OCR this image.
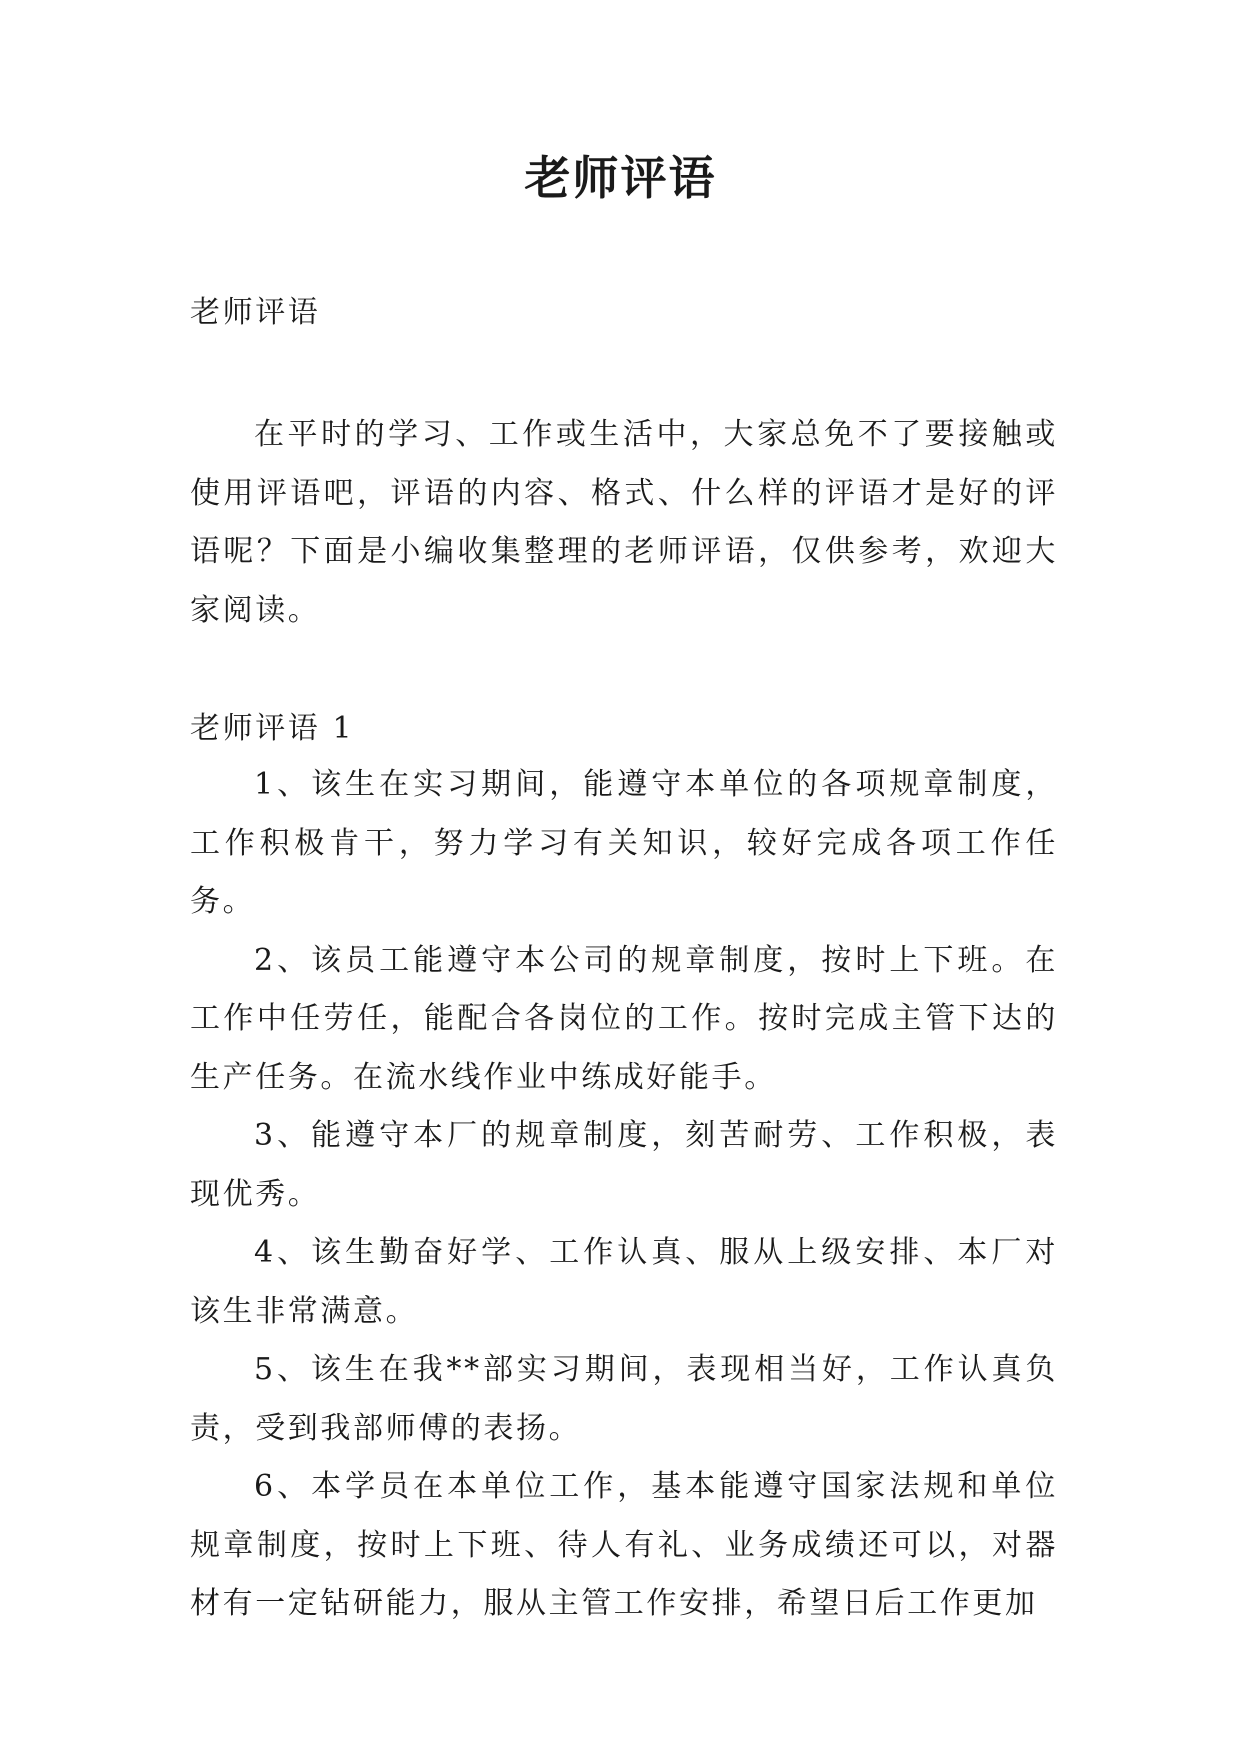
老师评语

老师评语

在平时的学习、工作或生活中，大家总免不了要接触或使用评语吧，评语的内容、格式、什么样的评语才是好的评语呢？下面是小编收集整理的老师评语，仅供参考，欢迎大家阅读。

老师评语 1

1、该生在实习期间，能遵守本单位的各项规章制度，工作积极肯干，努力学习有关知识，较好完成各项工作任务。

2、该员工能遵守本公司的规章制度，按时上下班。在工作中任劳任，能配合各岗位的工作。按时完成主管下达的生产任务。在流水线作业中练成好能手。

3、能遵守本厂的规章制度，刻苦耐劳、工作积极，表现优秀。

4、该生勤奋好学、工作认真、服从上级安排、本厂对该生非常满意。

5、该生在我**部实习期间，表现相当好，工作认真负责，受到我部师傅的表扬。

6、本学员在本单位工作，基本能遵守国家法规和单位规章制度，按时上下班、待人有礼、业务成绩还可以，对器材有一定钻研能力，服从主管工作安排，希望日后工作更加
